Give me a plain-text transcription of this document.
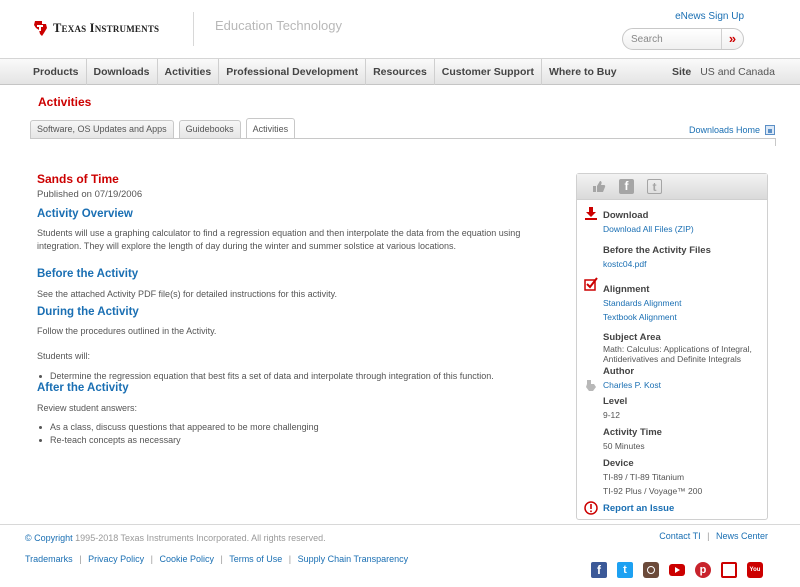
Texas Instruments	Education Technology
eNews Sign Up
Search
»
Products	Downloads	Activities	Professional Development	Resources	Customer Support	Where to Buy	Site US and Canada
Activities
Software, OS Updates and Apps	Guidebooks	Activities	Downloads Home
Sands of Time
Published on 07/19/2006
Activity Overview
Students will use a graphing calculator to find a regression equation and then interpolate the data from the equation using integration. They will explore the length of day during the winter and summer solstice at various locations.
Before the Activity
See the attached Activity PDF file(s) for detailed instructions for this activity.
During the Activity
Follow the procedures outlined in the Activity.
Students will:
Determine the regression equation that best fits a set of data and interpolate through integration of this function.
After the Activity
Review student answers:
As a class, discuss questions that appeared to be more challenging
Re-teach concepts as necessary
f	t
Download
Download All Files (ZIP)
Before the Activity Files
kostc04.pdf
Alignment
Standards Alignment
Textbook Alignment
Subject Area
Math: Calculus: Applications of Integral,
Antiderivatives and Definite Integrals
Author
Charles P. Kost
Level
9-12
Activity Time
50 Minutes
Device
TI-89 / TI-89 Titanium
TI-92 Plus / Voyage™ 200
Report an Issue
© Copyright 1995-2018 Texas Instruments Incorporated. All rights reserved.	Contact TI | News Center
Trademarks | Privacy Policy | Cookie Policy | Terms of Use | Supply Chain Transparency
f	t	p	You
